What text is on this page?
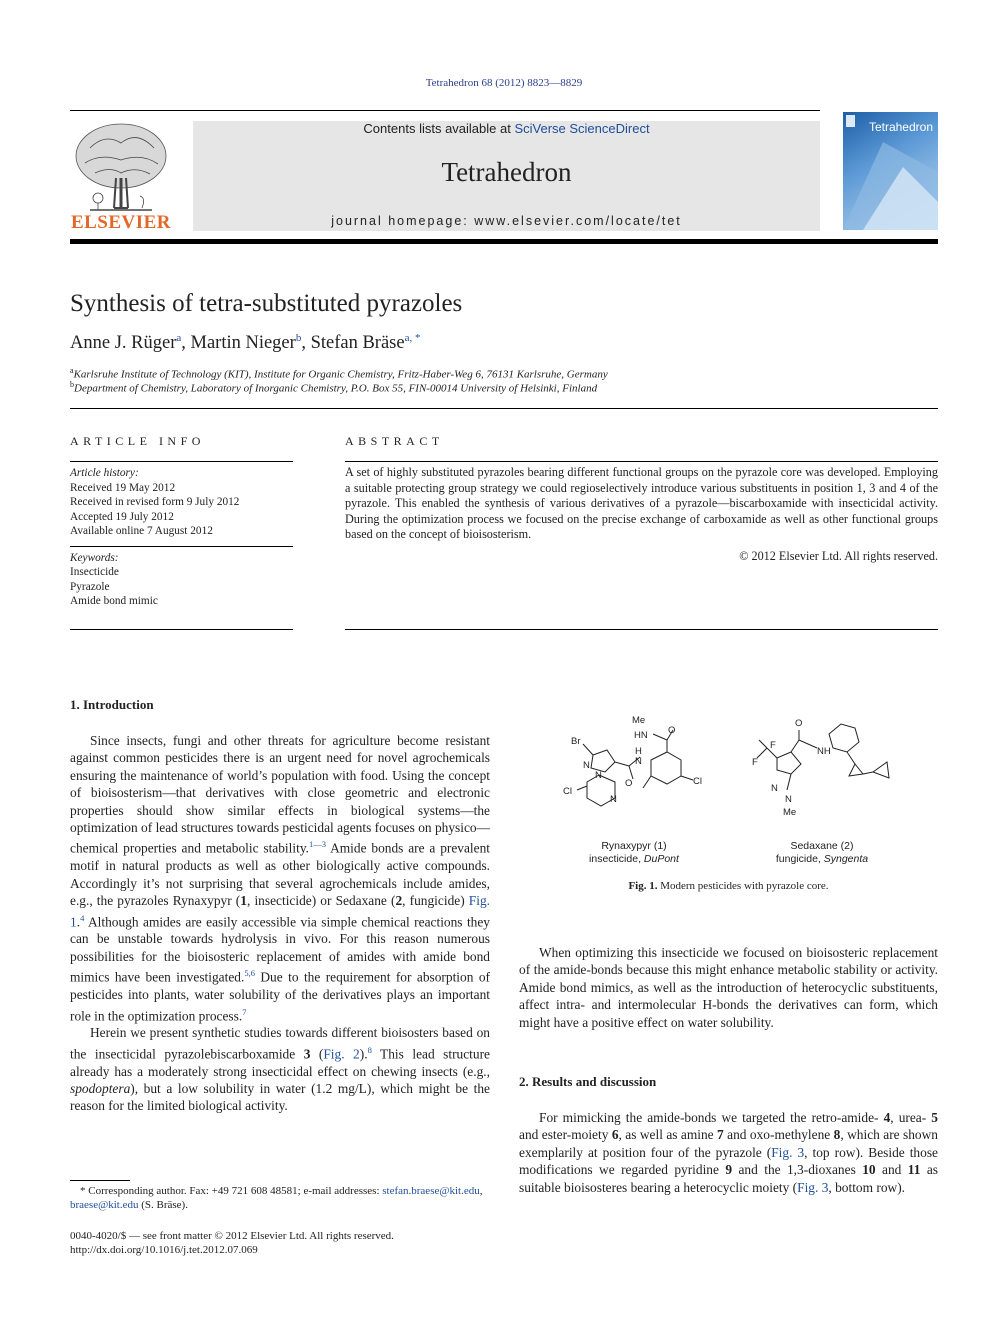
Tetrahedron 68 (2012) 8823—8829
ELSEVIER
Contents lists available at SciVerse ScienceDirect
Tetrahedron
journal homepage: www.elsevier.com/locate/tet
Tetrahedron
Synthesis of tetra-substituted pyrazoles
Anne J. Rüger$^a$, Martin Nieger$^b$, Stefan Bräse$^{a, *}$
$^a$Karlsruhe Institute of Technology (KIT), Institute for Organic Chemistry, Fritz-Haber-Weg 6, 76131 Karlsruhe, Germany
$^b$Department of Chemistry, Laboratory of Inorganic Chemistry, P.O. Box 55, FIN-00014 University of Helsinki, Finland
ARTICLE INFO
Article history:
Received 19 May 2012
Received in revised form 9 July 2012
Accepted 19 July 2012
Available online 7 August 2012
Keywords:
Insecticide
Pyrazole
Amide bond mimic
ABSTRACT
A set of highly substituted pyrazoles bearing different functional groups on the pyrazole core was developed. Employing a suitable protecting group strategy we could regioselectively introduce various substituents in position 1, 3 and 4 of the pyrazole. This enabled the synthesis of various derivatives of a pyrazole—biscarboxamide with insecticidal activity. During the optimization process we focused on the precise exchange of carboxamide as well as other functional groups based on the concept of bioisosterism.
© 2012 Elsevier Ltd. All rights reserved.
1. Introduction

Since insects, fungi and other threats for agriculture become resistant against common pesticides there is an urgent need for novel agrochemicals ensuring the maintenance of world’s population with food. Using the concept of bioisosterism—that derivatives with close geometric and electronic properties should show similar effects in biological systems—the optimization of lead structures towards pesticidal agents focuses on physico—chemical properties and metabolic stability.$^{1—3}$ Amide bonds are a prevalent motif in natural products as well as other biologically active compounds. Accordingly it’s not surprising that several agrochemicals include amides, e.g., the pyrazoles Rynaxypyr (1, insecticide) or Sedaxane (2, fungicide) Fig. 1.$^4$ Although amides are easily accessible via simple chemical reactions they can be unstable towards hydrolysis in vivo. For this reason numerous possibilities for the bioisosteric replacement of amides with amide bond mimics have been investigated.$^{5,6}$ Due to the requirement for absorption of pesticides into plants, water solubility of the derivatives plays an important role in the optimization process.$^7$

Herein we present synthetic studies towards different bioisosters based on the insecticidal pyrazolebiscarboxamide 3 (Fig. 2).$^8$ This lead structure already has a moderately strong insecticidal effect on chewing insects (e.g., spodoptera), but a low solubility in water (1.2 mg/L), which might be the reason for the limited biological activity.

* Corresponding author. Fax: +49 721 608 48581; e-mail addresses: stefan.braese@kit.edu, braese@kit.edu (S. Bräse).
0040-4020/$ — see front matter © 2012 Elsevier Ltd. All rights reserved.
http://dx.doi.org/10.1016/j.tet.2012.07.069
Me
HN O
Br
N
N
H
N
O	Cl
Cl
N
F
F
O
NH
N
N
Me
Rynaxypyr (1)
insecticide, DuPont
Sedaxane (2)
fungicide, Syngenta
Fig. 1. Modern pesticides with pyrazole core.

When optimizing this insecticide we focused on bioisosteric replacement of the amide-bonds because this might enhance metabolic stability or activity. Amide bond mimics, as well as the introduction of heterocyclic substituents, affect intra- and intermolecular H-bonds the derivatives can form, which might have a positive effect on water solubility.

2. Results and discussion

For mimicking the amide-bonds we targeted the retro-amide- 4, urea- 5 and ester-moiety 6, as well as amine 7 and oxo-methylene 8, which are shown exemplarily at position four of the pyrazole (Fig. 3, top row). Beside those modifications we regarded pyridine 9 and the 1,3-dioxanes 10 and 11 as suitable bioisosteres bearing a heterocyclic moiety (Fig. 3, bottom row).
